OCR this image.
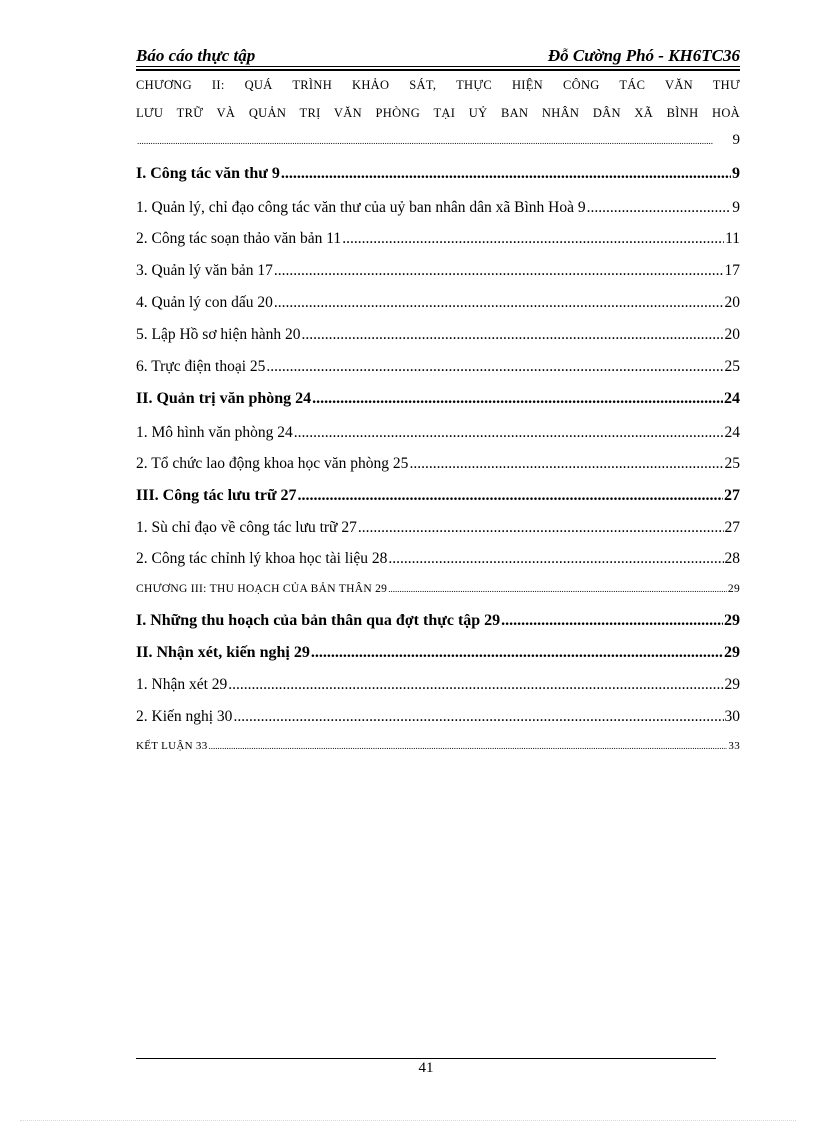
Báo cáo thực tập	Đỗ Cường Phó - KH6TC36
CHƯƠNG II: QUÁ TRÌNH KHẢO SÁT, THỰC HIỆN CÔNG TÁC VĂN THƯ
LƯU TRỮ VÀ QUẢN TRỊ VĂN PHÒNG TẠI UỶ BAN NHÂN DÂN XÃ BÌNH HOÀ
.....
9
I. Công tác văn thư 9 .....	9
1. Quản lý, chỉ đạo công tác văn thư của uỷ ban nhân dân xã Bình Hoà 9 .....	9
2. Công tác soạn thảo văn bản 11 .....	11
3. Quản lý văn bản 17 .....	17
4. Quản lý con dấu 20 .....	20
5. Lập Hồ sơ hiện hành 20 .....	20
6. Trực điện thoại 25 .....	25
II. Quản trị văn phòng 24 .....	24
1. Mô hình văn phòng 24 .....	24
2. Tổ chức lao động khoa học văn phòng 25 .....	25
III. Công tác lưu trữ 27 .....	27
1. Sù chỉ đạo về công tác lưu trữ 27 .....	27
2. Công tác chỉnh lý khoa học tài liệu 28 .....	28
CHƯƠNG III: THU HOẠCH CỦA BẢN THÂN 29 .....	29
I. Những thu hoạch của bản thân qua đợt thực tập 29 .....	29
II. Nhận xét, kiến nghị 29 .....	29
1. Nhận xét 29 .....	29
2. Kiến nghị 30 .....	30
KẾT LUẬN 33 .....	33
41
